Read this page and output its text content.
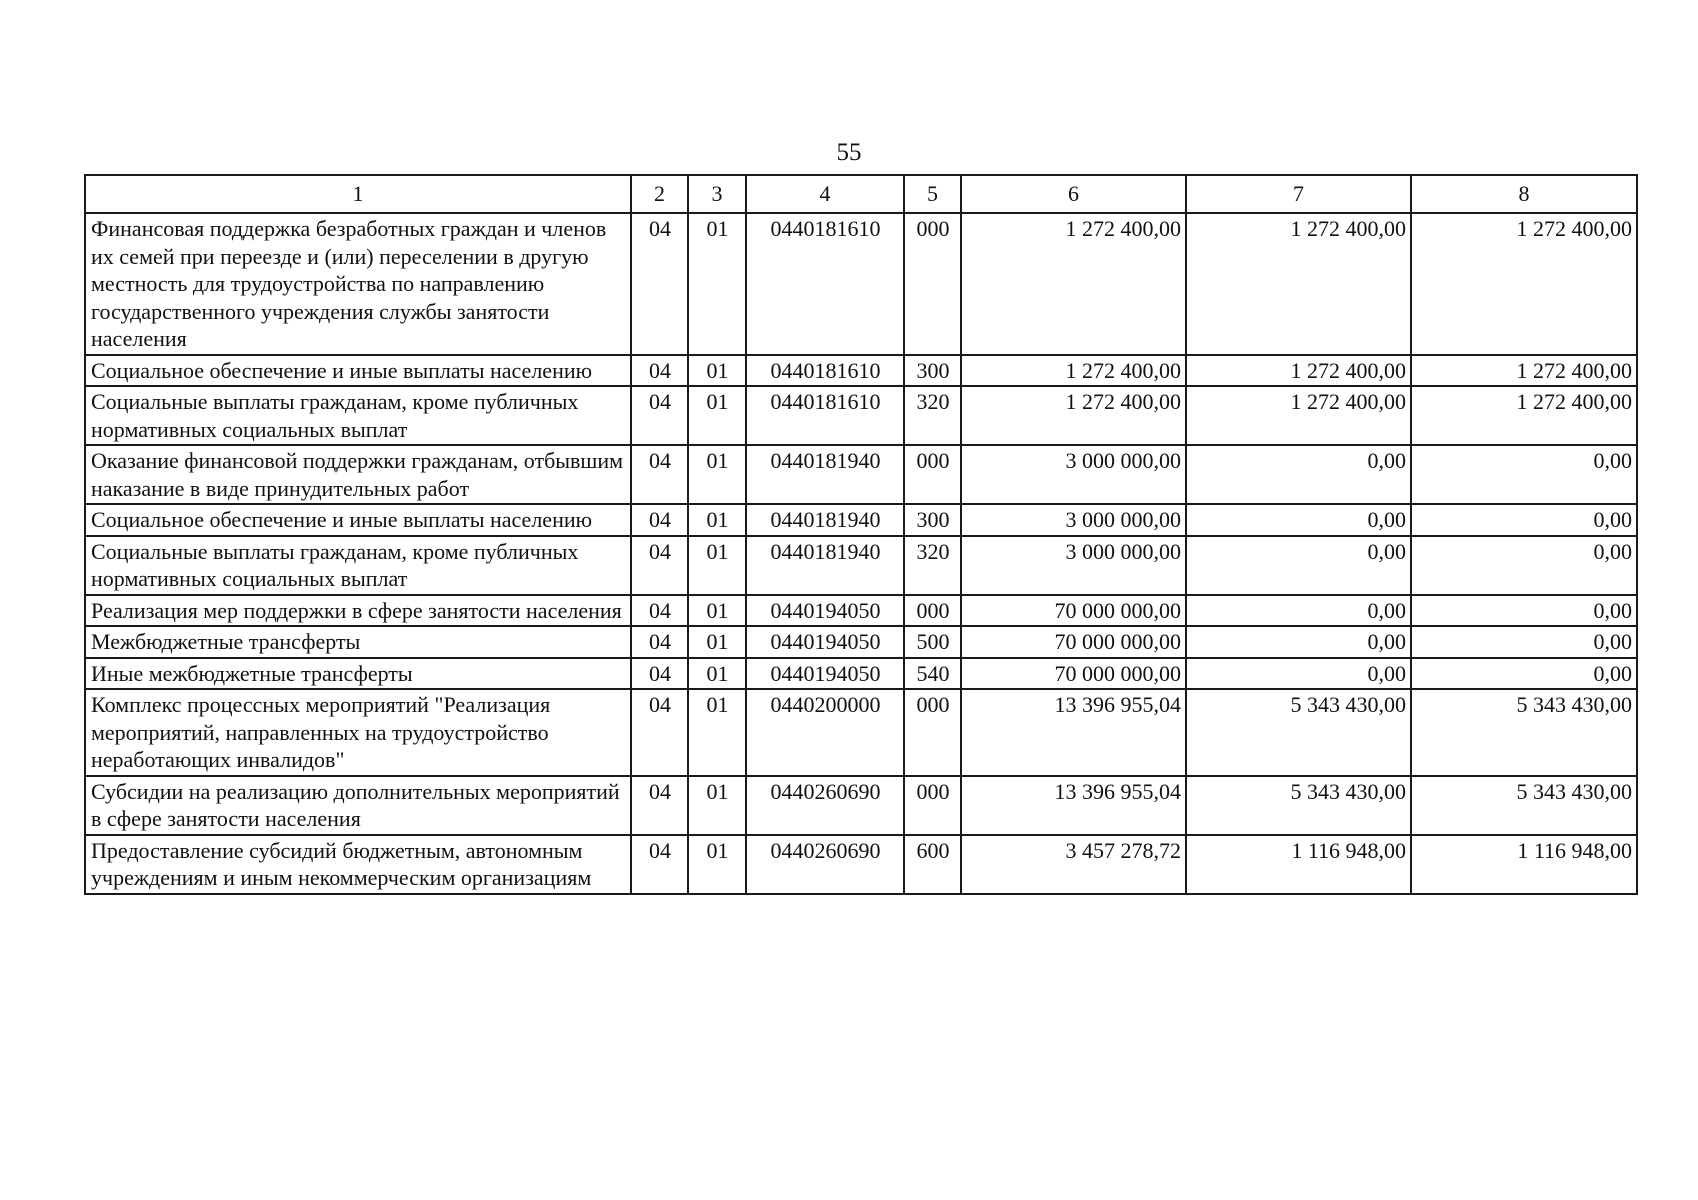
55
1	2	3	4	5	6	7	8
Финансовая поддержка безработных граждан и членов их семей при переезде и (или) переселении в другую местность для трудоустройства по направлению государственного учреждения службы занятости населения	04	01	0440181610	000	1 272 400,00	1 272 400,00	1 272 400,00
Социальное обеспечение и иные выплаты населению	04	01	0440181610	300	1 272 400,00	1 272 400,00	1 272 400,00
Социальные выплаты гражданам, кроме публичных нормативных социальных выплат	04	01	0440181610	320	1 272 400,00	1 272 400,00	1 272 400,00
Оказание финансовой поддержки гражданам, отбывшим наказание в виде принудительных работ	04	01	0440181940	000	3 000 000,00	0,00	0,00
Социальное обеспечение и иные выплаты населению	04	01	0440181940	300	3 000 000,00	0,00	0,00
Социальные выплаты гражданам, кроме публичных нормативных социальных выплат	04	01	0440181940	320	3 000 000,00	0,00	0,00
Реализация мер поддержки в сфере занятости населения	04	01	0440194050	000	70 000 000,00	0,00	0,00
Межбюджетные трансферты	04	01	0440194050	500	70 000 000,00	0,00	0,00
Иные межбюджетные трансферты	04	01	0440194050	540	70 000 000,00	0,00	0,00
Комплекс процессных мероприятий "Реализация мероприятий, направленных на трудоустройство неработающих инвалидов"	04	01	0440200000	000	13 396 955,04	5 343 430,00	5 343 430,00
Субсидии на реализацию дополнительных мероприятий в сфере занятости населения	04	01	0440260690	000	13 396 955,04	5 343 430,00	5 343 430,00
Предоставление субсидий бюджетным, автономным учреждениям и иным некоммерческим организациям	04	01	0440260690	600	3 457 278,72	1 116 948,00	1 116 948,00
